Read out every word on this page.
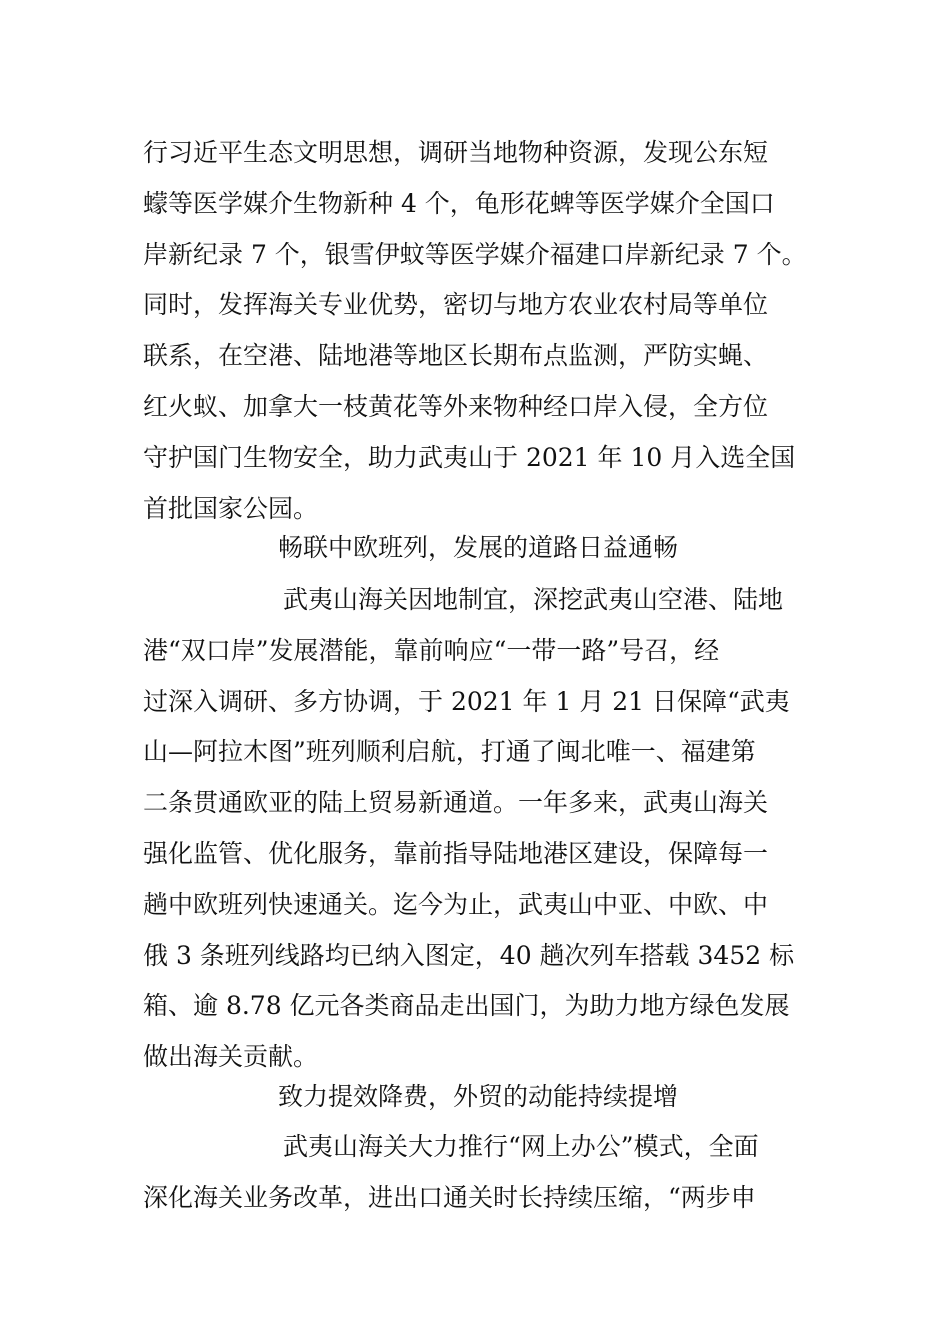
行习近平生态文明思想，调研当地物种资源，发现公东短
蠓等医学媒介生物新种 4 个，龟形花蜱等医学媒介全国口
岸新纪录 7 个，银雪伊蚊等医学媒介福建口岸新纪录 7 个。
同时，发挥海关专业优势，密切与地方农业农村局等单位
联系，在空港、陆地港等地区长期布点监测，严防实蝇、
红火蚁、加拿大一枝黄花等外来物种经口岸入侵，全方位
守护国门生物安全，助力武夷山于 2021 年 10 月入选全国
首批国家公园。
畅联中欧班列，发展的道路日益通畅
武夷山海关因地制宜，深挖武夷山空港、陆地
港“双口岸”发展潜能，靠前响应“一带一路”号召，经
过深入调研、多方协调，于 2021 年 1 月 21 日保障“武夷
山—阿拉木图”班列顺利启航，打通了闽北唯一、福建第
二条贯通欧亚的陆上贸易新通道。一年多来，武夷山海关
强化监管、优化服务，靠前指导陆地港区建设，保障每一
趟中欧班列快速通关。迄今为止，武夷山中亚、中欧、中
俄 3 条班列线路均已纳入图定，40 趟次列车搭载 3452 标
箱、逾 8.78 亿元各类商品走出国门，为助力地方绿色发展
做出海关贡献。
致力提效降费，外贸的动能持续提增
武夷山海关大力推行“网上办公”模式，全面
深化海关业务改革，进出口通关时长持续压缩，“两步申
